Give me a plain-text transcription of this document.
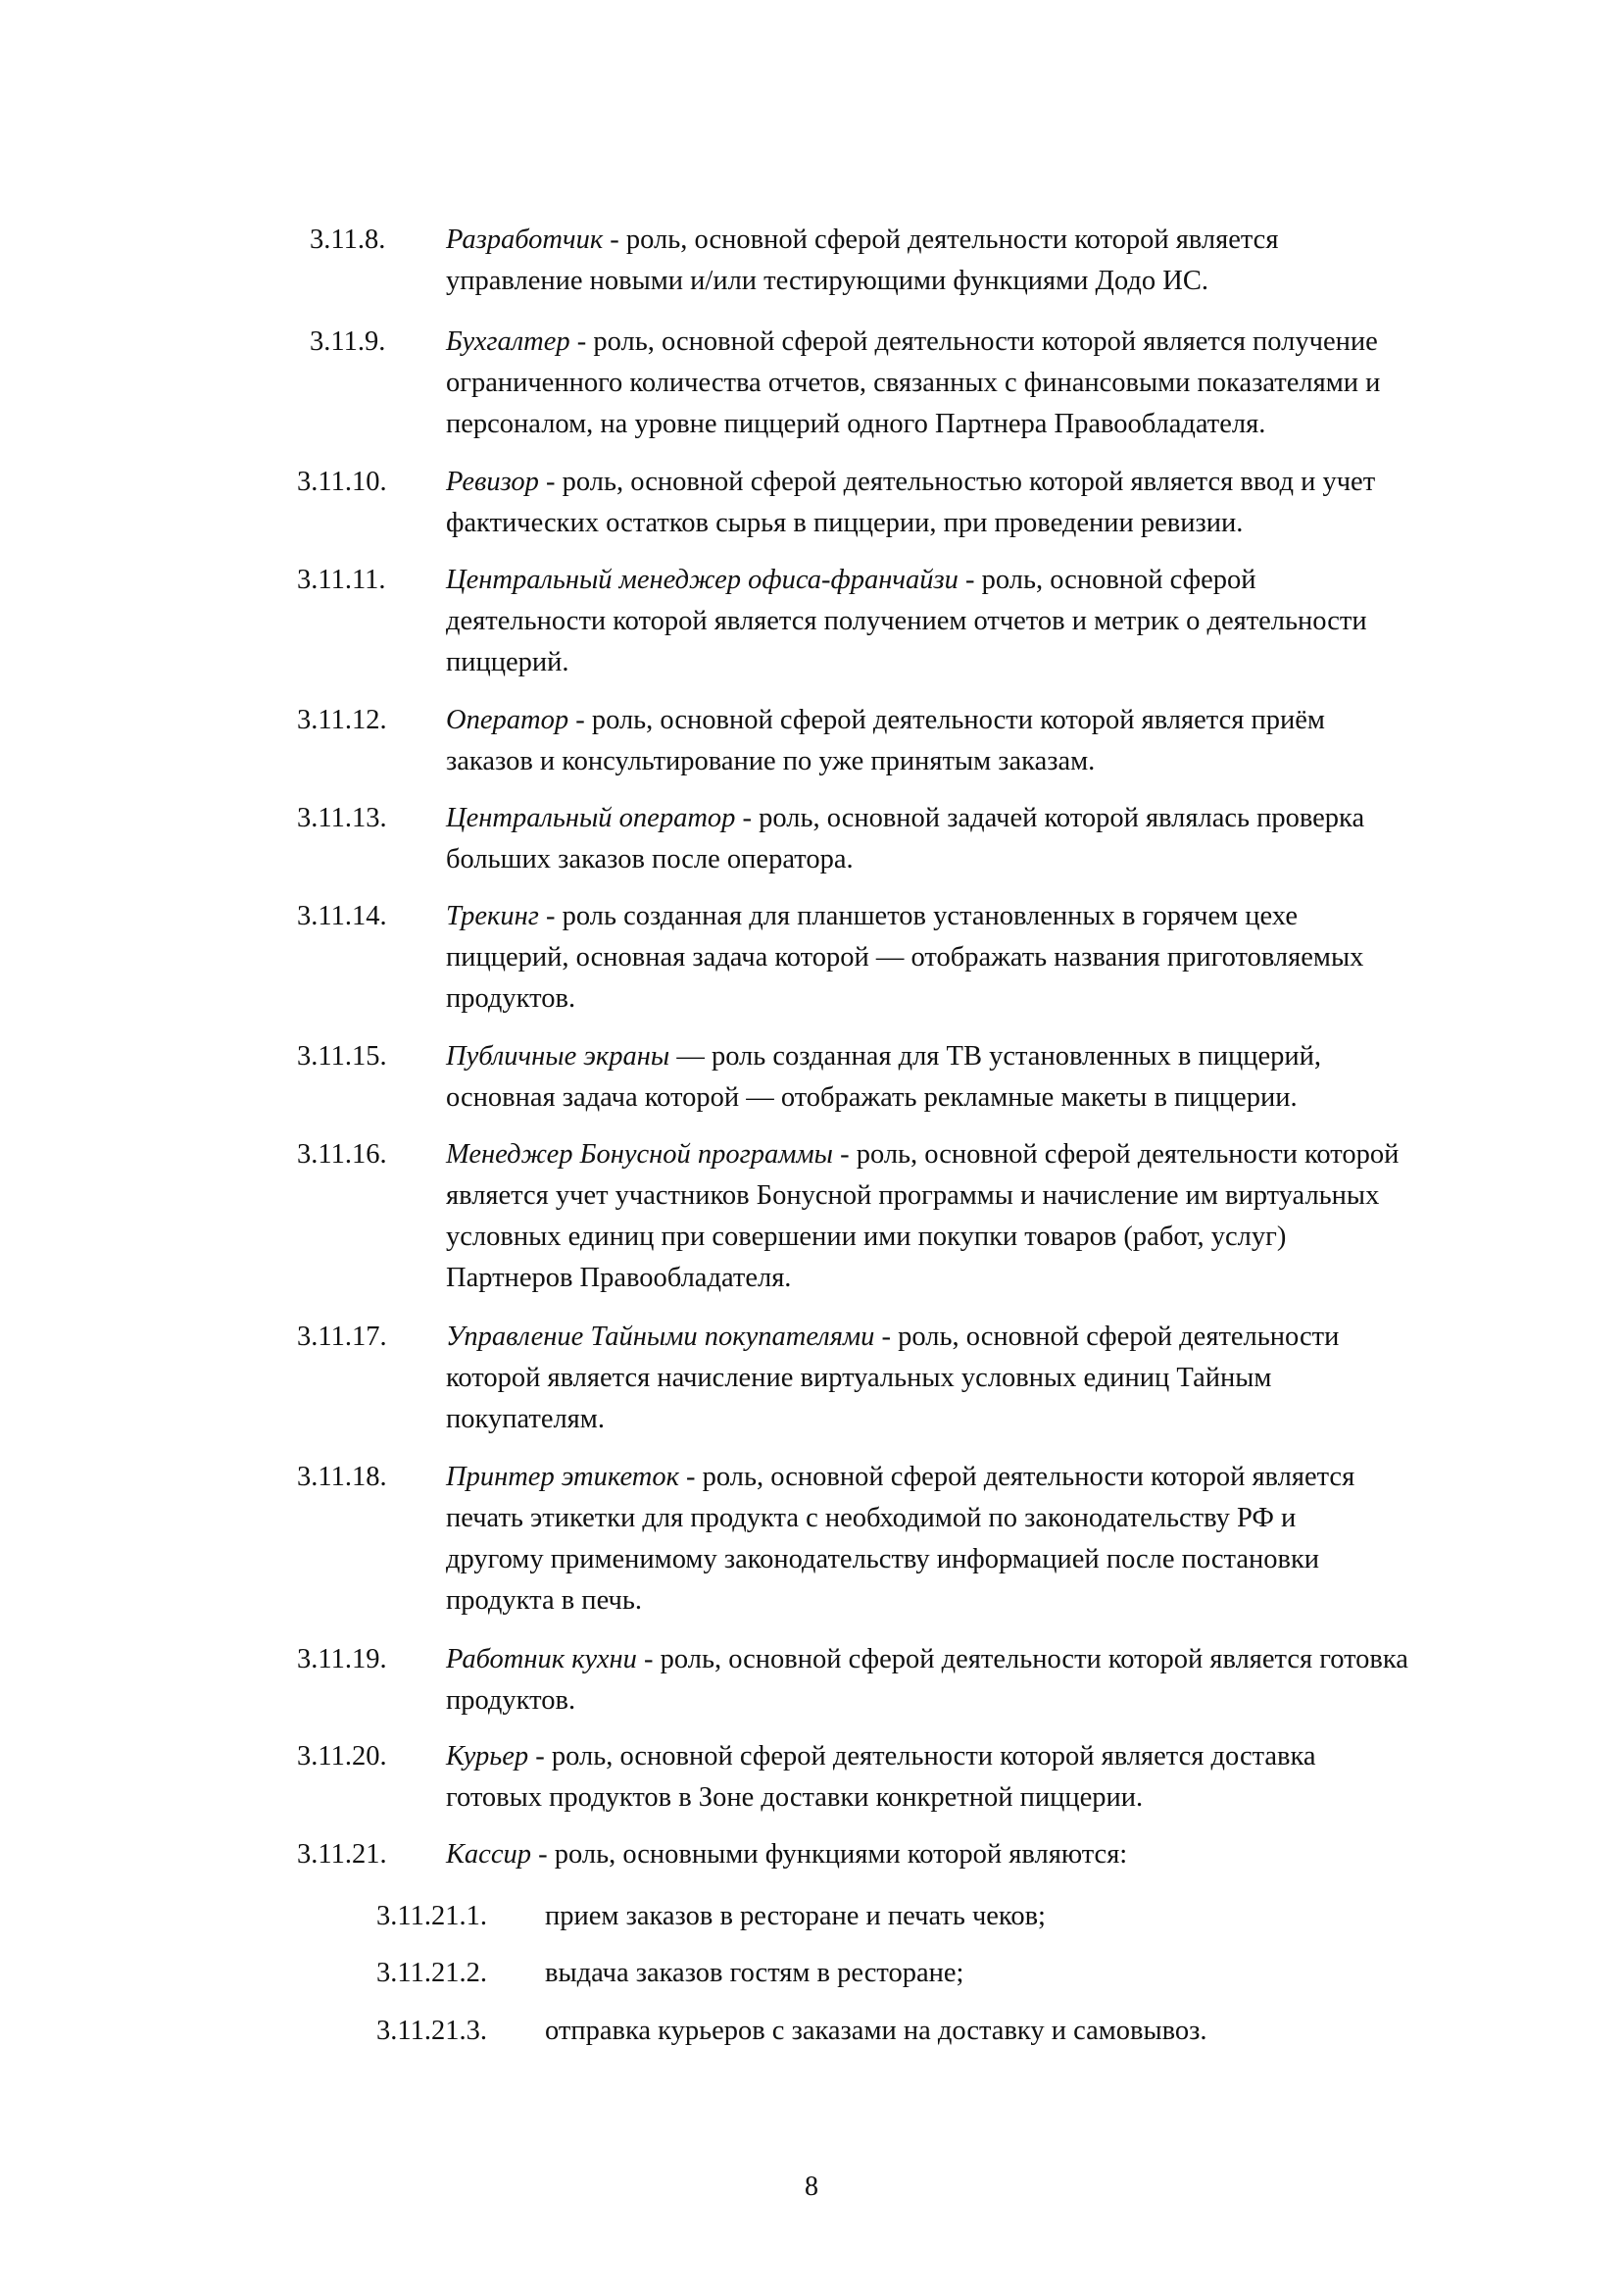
3.11.8. Разработчик - роль, основной сферой деятельности которой является
управление новыми и/или тестирующими функциями Додо ИС.
3.11.9. Бухгалтер - роль, основной сферой деятельности которой является получение
ограниченного количества отчетов, связанных с финансовыми показателями и
персоналом, на уровне пиццерий одного Партнера Правообладателя.
3.11.10. Ревизор - роль, основной сферой деятельностью которой является ввод и учет
фактических остатков сырья в пиццерии, при проведении ревизии.
3.11.11. Центральный менеджер офиса-франчайзи - роль, основной сферой
деятельности которой является получением отчетов и метрик о деятельности
пиццерий.
3.11.12. Оператор - роль, основной сферой деятельности которой является приём
заказов и консультирование по уже принятым заказам.
3.11.13. Центральный оператор - роль, основной задачей которой являлась проверка
больших заказов после оператора.
3.11.14. Трекинг - роль созданная для планшетов установленных в горячем цехе
пиццерий, основная задача которой — отображать названия приготовляемых
продуктов.
3.11.15. Публичные экраны — роль созданная для ТВ установленных в пиццерий,
основная задача которой — отображать рекламные макеты в пиццерии.
3.11.16. Менеджер Бонусной программы - роль, основной сферой деятельности которой
является учет участников Бонусной программы и начисление им виртуальных
условных единиц при совершении ими покупки товаров (работ, услуг)
Партнеров Правообладателя.
3.11.17. Управление Тайными покупателями - роль, основной сферой деятельности
которой является начисление виртуальных условных единиц Тайным
покупателям.
3.11.18. Принтер этикеток - роль, основной сферой деятельности которой является
печать этикетки для продукта с необходимой по законодательству РФ и
другому применимому законодательству информацией после постановки
продукта в печь.
3.11.19. Работник кухни - роль, основной сферой деятельности которой является готовка
продуктов.
3.11.20. Курьер - роль, основной сферой деятельности которой является доставка
готовых продуктов в Зоне доставки конкретной пиццерии.
3.11.21. Кассир - роль, основными функциями которой являются:
3.11.21.1. прием заказов в ресторане и печать чеков;
3.11.21.2. выдача заказов гостям в ресторане;
3.11.21.3. отправка курьеров с заказами на доставку и самовывоз.
8
